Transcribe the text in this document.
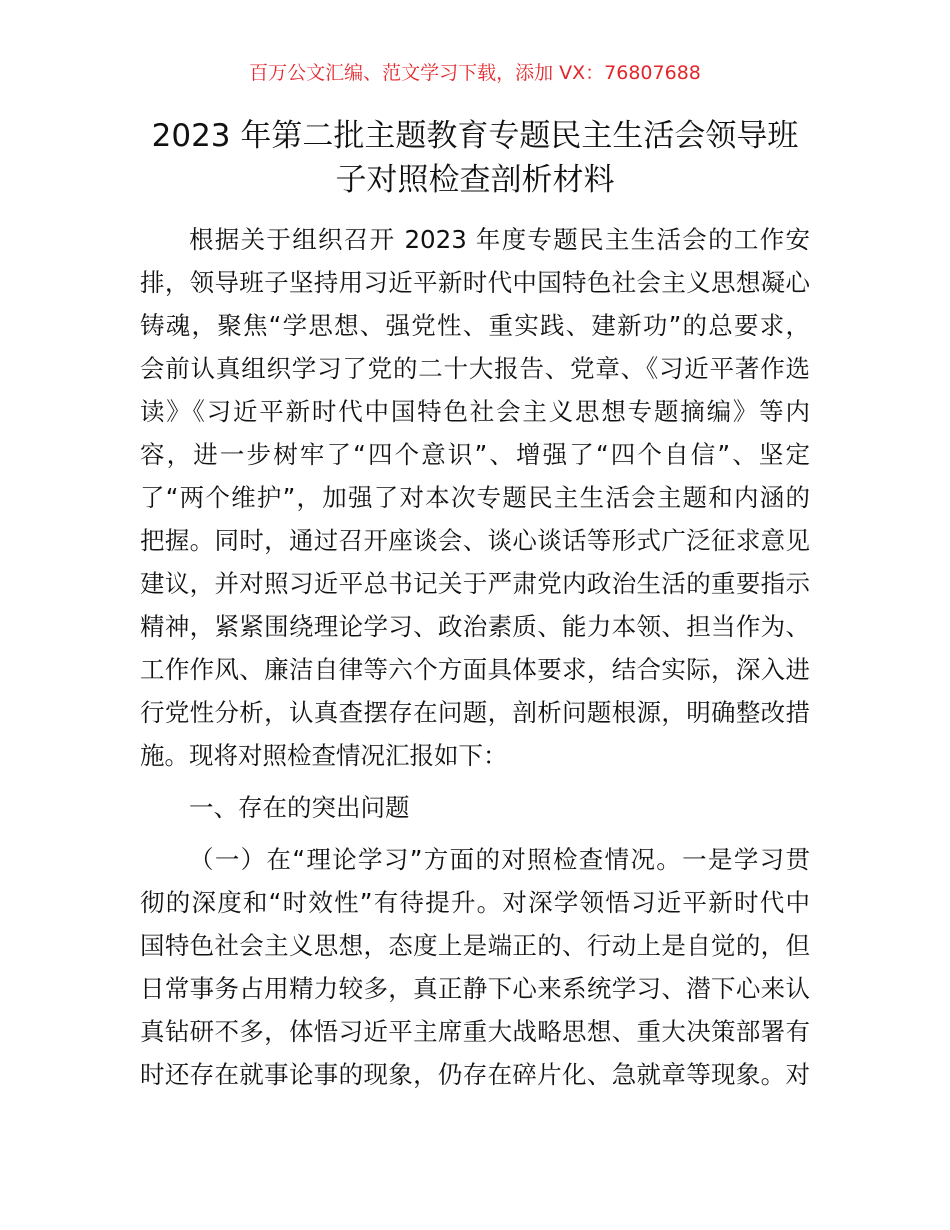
百万公文汇编、范文学习下载，添加 VX：76807688
2023 年第二批主题教育专题民主生活会领导班
子对照检查剖析材料
根据关于组织召开 2023 年度专题民主生活会的工作安
排，领导班子坚持用习近平新时代中国特色社会主义思想凝心
铸魂，聚焦“学思想、强党性、重实践、建新功”的总要求，
会前认真组织学习了党的二十大报告、党章、《习近平著作选
读》《习近平新时代中国特色社会主义思想专题摘编》等内
容，进一步树牢了“四个意识”、增强了“四个自信”、坚定
了“两个维护”，加强了对本次专题民主生活会主题和内涵的
把握。同时，通过召开座谈会、谈心谈话等形式广泛征求意见
建议，并对照习近平总书记关于严肃党内政治生活的重要指示
精神，紧紧围绕理论学习、政治素质、能力本领、担当作为、
工作作风、廉洁自律等六个方面具体要求，结合实际，深入进
行党性分析，认真查摆存在问题，剖析问题根源，明确整改措
施。现将对照检查情况汇报如下：
一、存在的突出问题
（一）在“理论学习”方面的对照检查情况。一是学习贯
彻的深度和“时效性”有待提升。对深学领悟习近平新时代中
国特色社会主义思想，态度上是端正的、行动上是自觉的，但
日常事务占用精力较多，真正静下心来系统学习、潜下心来认
真钻研不多，体悟习近平主席重大战略思想、重大决策部署有
时还存在就事论事的现象，仍存在碎片化、急就章等现象。对
